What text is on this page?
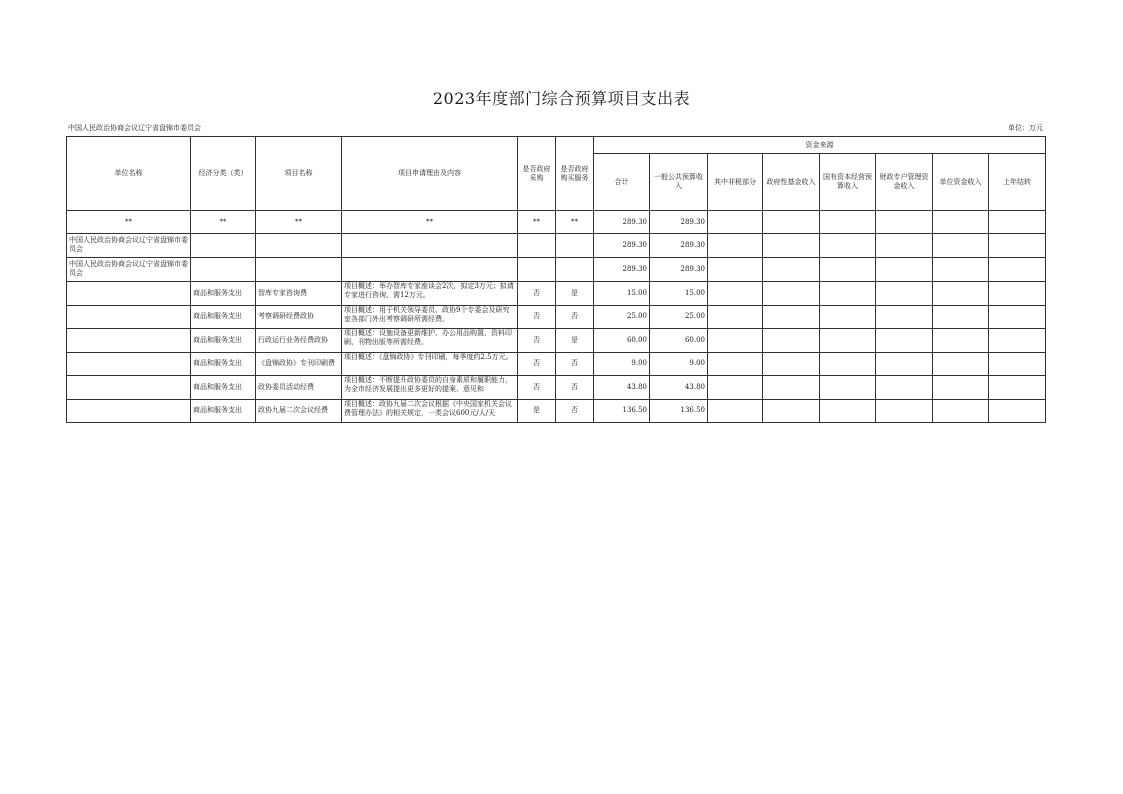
2023年度部门综合预算项目支出表
中国人民政治协商会议辽宁省盘锦市委员会	单位：万元
单位名称	经济分类（类）	项目名称	项目申请理由及内容	是否政府采购	是否政府购买服务	资金来源							
						合计	一般公共预算收入	其中非税部分	政府性基金收入	国有资本经营预算收入	财政专户管理资金收入	单位资金收入	上年结转
**	**	**	**	**	**	289.30	289.30						

中国人民政治协商会议辽宁省盘锦市委员会						289.30	289.30						

中国人民政治协商会议辽宁省盘锦市委员会						289.30	289.30						
	商品和服务支出	智库专家咨询费	项目概述：举办智库专家座谈会2次，拟定3万元；拟请专家进行咨询，需12万元。	否	是	15.00	15.00						
	商品和服务支出	考察调研经费政协	项目概述：用于机关领导委员、政协9个专委会及研究室各部门外出考察调研所需经费。	否	否	25.00	25.00						
	商品和服务支出	行政运行业务经费政协	项目概述：设施设备更新维护、办公用品购置、资料印刷、刊物出版等所需经费。	否	是	60.00	60.00						
	商品和服务支出	《盘锦政协》专刊印刷费	项目概述：《盘锦政协》专刊印刷，每季度约2.5万元。	否	否	9.00	9.00						
	商品和服务支出	政协委员活动经费	项目概述：不断提升政协委员的自身素质和履职能力，为全市经济发展提出更多更好的提案、意见和	否	否	43.80	43.80						
	商品和服务支出	政协九届二次会议经费	项目概述：政协九届二次会议根据《中央国家机关会议费管理办法》的相关规定，一类会议600元/人/天	是	否	136.50	136.50						
